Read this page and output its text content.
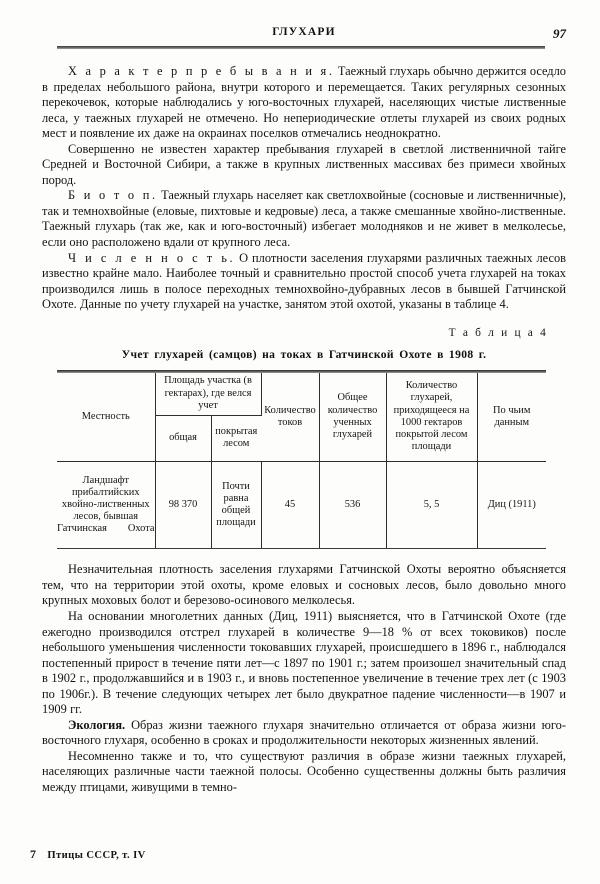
ГЛУХАРИ	97

Х а р а к т е р п р е б ы в а н и я. Таежный глухарь обычно держится оседло в пределах небольшого района, внутри которого и перемещается. Таких регулярных сезонных перекочевок, которые наблюдались у юго-восточных глухарей, населяющих чистые лиственные леса, у таежных глухарей не отмечено. Но непериодические отлеты глухарей из своих родных мест и появление их даже на окраинах поселков отмечались неоднократно.

Совершенно не известен характер пребывания глухарей в светлой лиственничной тайге Средней и Восточной Сибири, а также в крупных лиственных массивах без примеси хвойных пород.

Б и о т о п. Таежный глухарь населяет как светлохвойные (сосновые и лиственничные), так и темнохвойные (еловые, пихтовые и кедровые) леса, а также смешанные хвойно-лиственные. Таежный глухарь (так же, как и юго-восточный) избегает молодняков и не живет в мелколесье, если оно расположено вдали от крупного леса.

Ч и с л е н н о с т ь. О плотности заселения глухарями различных таежных лесов известно крайне мало. Наиболее точный и сравнительно простой способ учета глухарей на токах производился лишь в полосе переходных темнохвойно-дубравных лесов в бывшей Гатчинской Охоте. Данные по учету глухарей на участке, занятом этой охотой, указаны в таблице 4.

Т а б л и ц а 4
Учет глухарей (самцов) на токах в Гатчинской Охоте в 1908 г.

Местность	Площадь участка (в гектарах), где велся учет		Количество токов	Общее количество ученных глухарей	Количество глухарей, приходящееся на 1000 гектаров покрытой лесом площади	По чьим данным
	общая	покрытая лесом				

Ландшафт прибалтийских хвойно-лиственных лесов, бывшая Гатчинская Охота	98 370	Почти равна общей площади	45	536	5, 5	Диц (1911)

Незначительная плотность заселения глухарями Гатчинской Охоты вероятно объясняется тем, что на территории этой охоты, кроме еловых и сосновых лесов, было довольно много крупных моховых болот и березово-осинового мелколесья.

На основании многолетних данных (Диц, 1911) выясняется, что в Гатчинской Охоте (где ежегодно производился отстрел глухарей в количестве 9—18 % от всех токовиков) после небольшого уменьшения численности токовавших глухарей, происшедшего в 1896 г., наблюдался постепенный прирост в течение пяти лет—с 1897 по 1901 г.; затем произошел значительный спад в 1902 г., продолжавшийся и в 1903 г., и вновь постепенное увеличение в течение трех лет (с 1903 по 1906г.). В течение следующих четырех лет было двукратное падение численности—в 1907 и 1909 гг.

Экология. Образ жизни таежного глухаря значительно отличается от образа жизни юго-восточного глухаря, особенно в сроках и продолжительности некоторых жизненных явлений.

Несомненно также и то, что существуют различия в образе жизни таежных глухарей, населяющих различные части таежной полосы. Особенно существенны должны быть различия между птицами, живущими в темно-

7 Птицы СССР, т. IV
